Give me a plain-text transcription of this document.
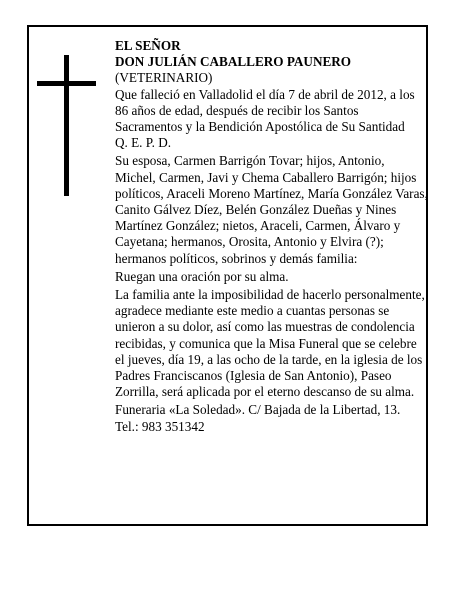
EL SEÑOR

DON JULIÁN CABALLERO PAUNERO

(VETERINARIO)

Que falleció en Valladolid el día 7 de abril de 2012, a los 86 años de edad, después de recibir los Santos Sacramentos y la Bendición Apostólica de Su Santidad

Q. E. P. D.

Su esposa, Carmen Barrigón Tovar; hijos, Antonio, Michel, Carmen, Javi y Chema Caballero Barrigón; hijos políticos, Araceli Moreno Martínez, María González Varas, Canito Gálvez Díez, Belén González Dueñas y Nines Martínez González; nietos, Araceli, Carmen, Álvaro y Cayetana; hermanos, Orosita, Antonio y Elvira (?); hermanos políticos, sobrinos y demás familia:

Ruegan una oración por su alma.

La familia ante la imposibilidad de hacerlo personalmente, agradece mediante este medio a cuantas personas se unieron a su dolor, así como las muestras de condolencia recibidas, y comunica que la Misa Funeral que se celebre el jueves, día 19, a las ocho de la tarde, en la iglesia de los Padres Franciscanos (Iglesia de San Antonio), Paseo Zorrilla, será aplicada por el eterno descanso de su alma.

Funeraria «La Soledad». C/ Bajada de la Libertad, 13.

Tel.: 983 351342
